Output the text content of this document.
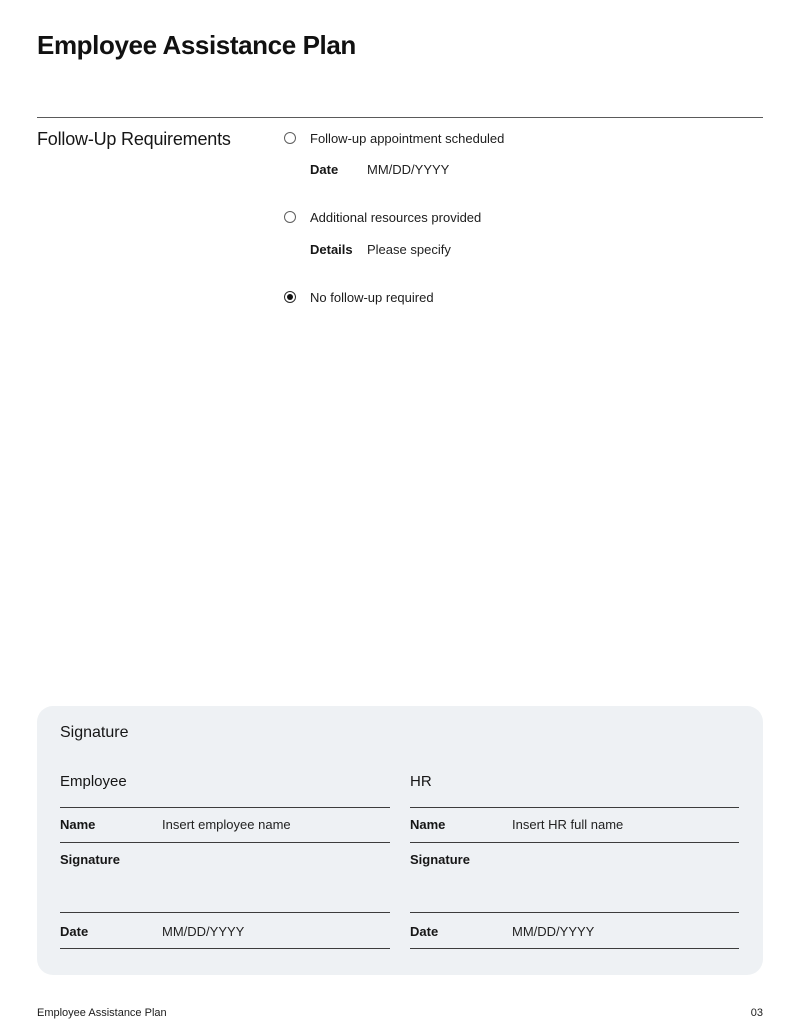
Employee Assistance Plan
Follow-Up Requirements	Follow-up appointment scheduled
Date MM/DD/YYYY
Additional resources provided
Details Please specify
No follow-up required
Signature
Employee
Name	Insert employee name
Signature
Date	MM/DD/YYYY
HR
Name	Insert HR full name
Signature
Date	MM/DD/YYYY
Employee Assistance Plan	03
